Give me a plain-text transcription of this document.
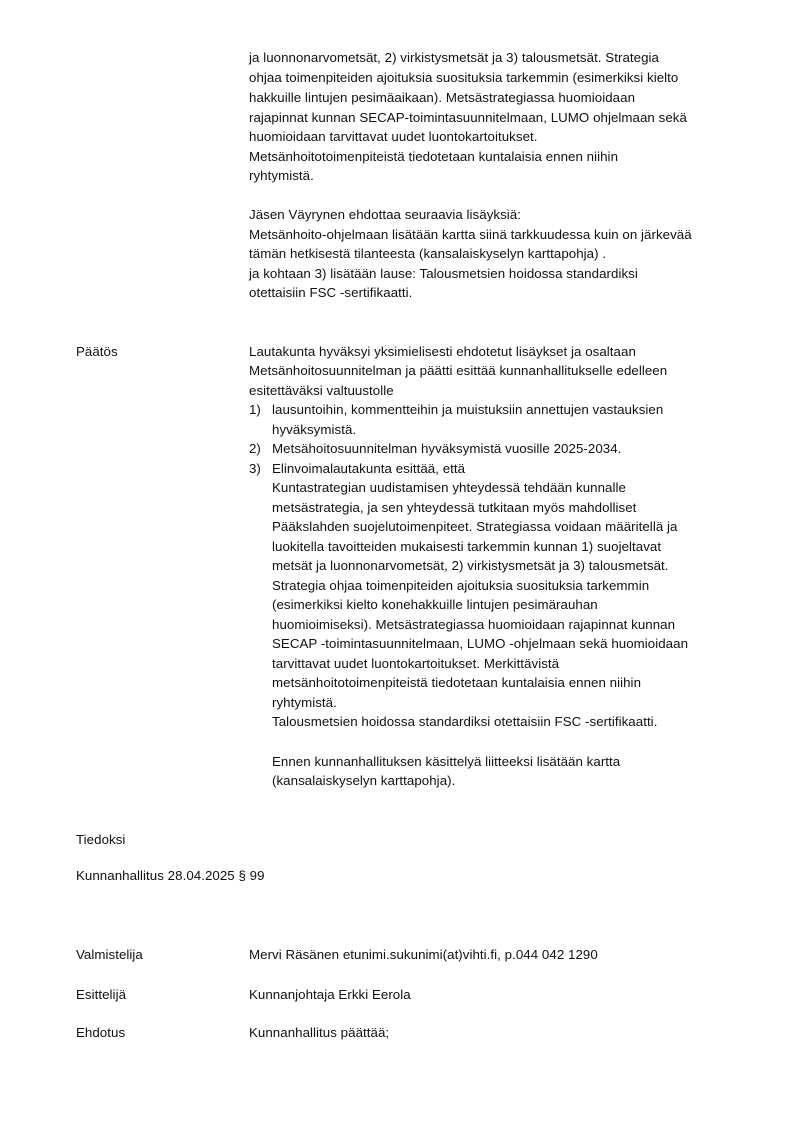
ja luonnonarvometsät, 2) virkistysmetsät ja 3) talousmetsät. Strategia
ohjaa toimenpiteiden ajoituksia suosituksia tarkemmin (esimerkiksi kielto
hakkuille lintujen pesimäaikaan). Metsästrategiassa huomioidaan
rajapinnat kunnan SECAP-toimintasuunnitelmaan, LUMO ohjelmaan sekä
huomioidaan tarvittavat uudet luontokartoitukset.
Metsänhoitotoimenpiteistä tiedotetaan kuntalaisia ennen niihin
ryhtymistä.
Jäsen Väyrynen ehdottaa seuraavia lisäyksiä:
Metsänhoito-ohjelmaan lisätään kartta siinä tarkkuudessa kuin on järkevää
tämän hetkisestä tilanteesta (kansalaiskyselyn karttapohja) .
ja kohtaan 3) lisätään lause: Talousmetsien hoidossa standardiksi
otettaisiin FSC -sertifikaatti.
Päätös	Lautakunta hyväksyi yksimielisesti ehdotetut lisäykset ja osaltaan
Metsänhoitosuunnitelman ja päätti esittää kunnanhallitukselle edelleen
esitettäväksi valtuustolle
1) lausuntoihin, kommentteihin ja muistuksiin annettujen vastauksien
hyväksymistä.
2) Metsähoitosuunnitelman hyväksymistä vuosille 2025-2034.
3) Elinvoimalautakunta esittää, että
Kuntastrategian uudistamisen yhteydessä tehdään kunnalle
metsästrategia, ja sen yhteydessä tutkitaan myös mahdolliset
Pääkslahden suojelutoimenpiteet. Strategiassa voidaan määritellä ja
luokitella tavoitteiden mukaisesti tarkemmin kunnan 1) suojeltavat
metsät ja luonnonarvometsät, 2) virkistysmetsät ja 3) talousmetsät.
Strategia ohjaa toimenpiteiden ajoituksia suosituksia tarkemmin
(esimerkiksi kielto konehakkuille lintujen pesimärauhan
huomioimiseksi). Metsästrategiassa huomioidaan rajapinnat kunnan
SECAP -toimintasuunnitelmaan, LUMO -ohjelmaan sekä huomioidaan
tarvittavat uudet luontokartoitukset. Merkittävistä
metsänhoitotoimenpiteistä tiedotetaan kuntalaisia ennen niihin
ryhtymistä.
Talousmetsien hoidossa standardiksi otettaisiin FSC -sertifikaatti.
Ennen kunnanhallituksen käsittelyä liitteeksi lisätään kartta
(kansalaiskyselyn karttapohja).
Tiedoksi
Kunnanhallitus 28.04.2025 § 99
Valmistelija	Mervi Räsänen etunimi.sukunimi(at)vihti.fi, p.044 042 1290
Esittelijä	Kunnanjohtaja Erkki Eerola
Ehdotus	Kunnanhallitus päättää;
